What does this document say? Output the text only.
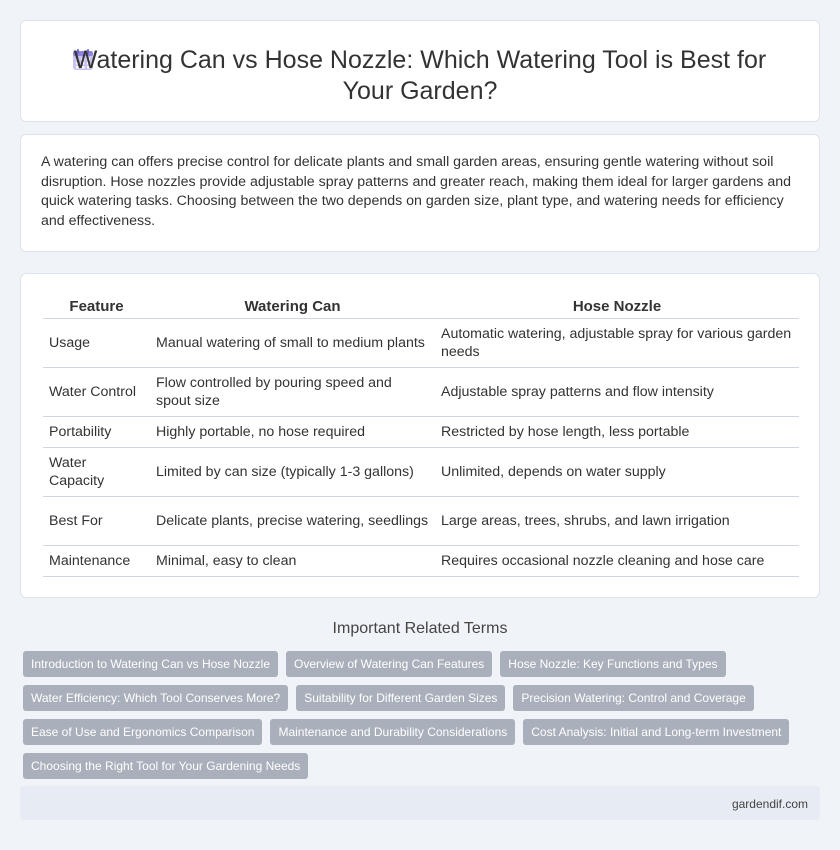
Watering Can vs Hose Nozzle: Which Watering Tool is Best for Your Garden?

A watering can offers precise control for delicate plants and small garden areas, ensuring gentle watering without soil disruption. Hose nozzles provide adjustable spray patterns and greater reach, making them ideal for larger gardens and quick watering tasks. Choosing between the two depends on garden size, plant type, and watering needs for efficiency and effectiveness.

Feature	Watering Can	Hose Nozzle
Usage	Manual watering of small to medium plants	Automatic watering, adjustable spray for various garden needs
Water Control	Flow controlled by pouring speed and spout size	Adjustable spray patterns and flow intensity
Portability	Highly portable, no hose required	Restricted by hose length, less portable
Water Capacity	Limited by can size (typically 1-3 gallons)	Unlimited, depends on water supply
Best For	Delicate plants, precise watering, seedlings	Large areas, trees, shrubs, and lawn irrigation
Maintenance	Minimal, easy to clean	Requires occasional nozzle cleaning and hose care
Important Related Terms
Introduction to Watering Can vs Hose Nozzle	Overview of Watering Can Features	Hose Nozzle: Key Functions and Types
Water Efficiency: Which Tool Conserves More?	Suitability for Different Garden Sizes	Precision Watering: Control and Coverage
Ease of Use and Ergonomics Comparison	Maintenance and Durability Considerations	Cost Analysis: Initial and Long-term Investment
Choosing the Right Tool for Your Gardening Needs
gardendif.com
